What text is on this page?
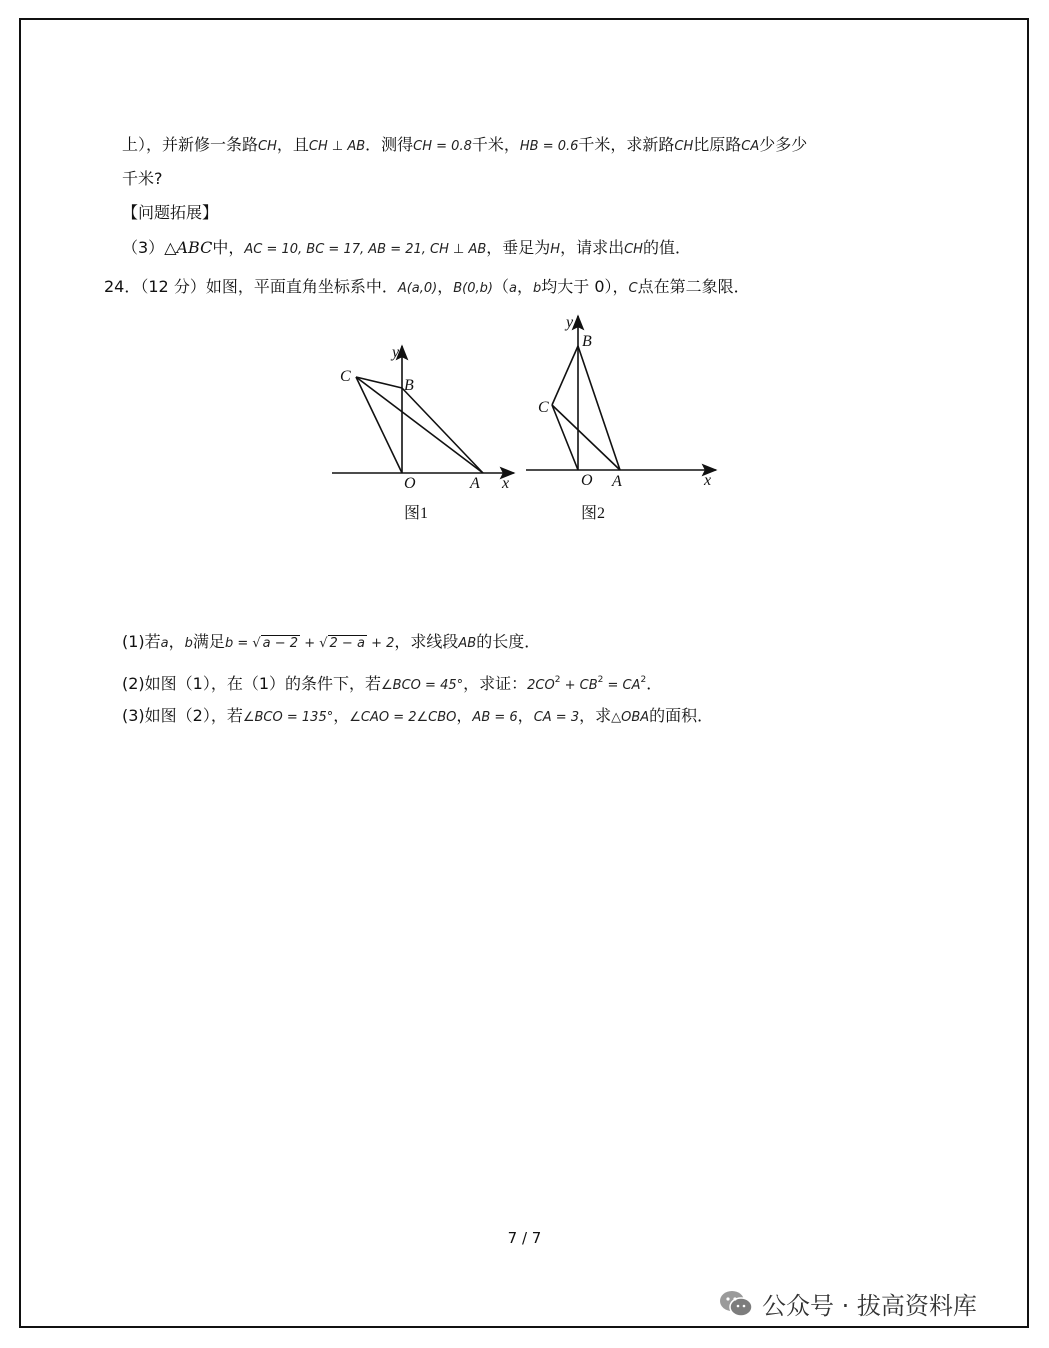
上），并新修一条路CH，且CH ⊥ AB．测得CH = 0.8千米，HB = 0.6千米，求新路CH比原路CA少多少
千米?
【问题拓展】
（3）△ABC中，AC = 10, BC = 17, AB = 21, CH ⊥ AB，垂足为H，请求出CH的值．
24．（12 分）如图，平面直角坐标系中．A(a,0)，B(0,b)（a，b均大于 0），C点在第二象限．
y
x
O	A
B
C
图1
y
x
O A
B
C
图2
(1)若a，b满足b = √ a − 2 + √ 2 − a + 2，求线段AB的长度．
(2)如图（1），在（1）的条件下，若∠BCO = 45°，求证：$2CO^2 + CB^2 = CA^2$．
(3)如图（2），若∠BCO = 135°，∠CAO = 2∠CBO，AB = 6，CA = 3，求△OBA的面积．
7 / 7
公众号 · 拔高资料库
